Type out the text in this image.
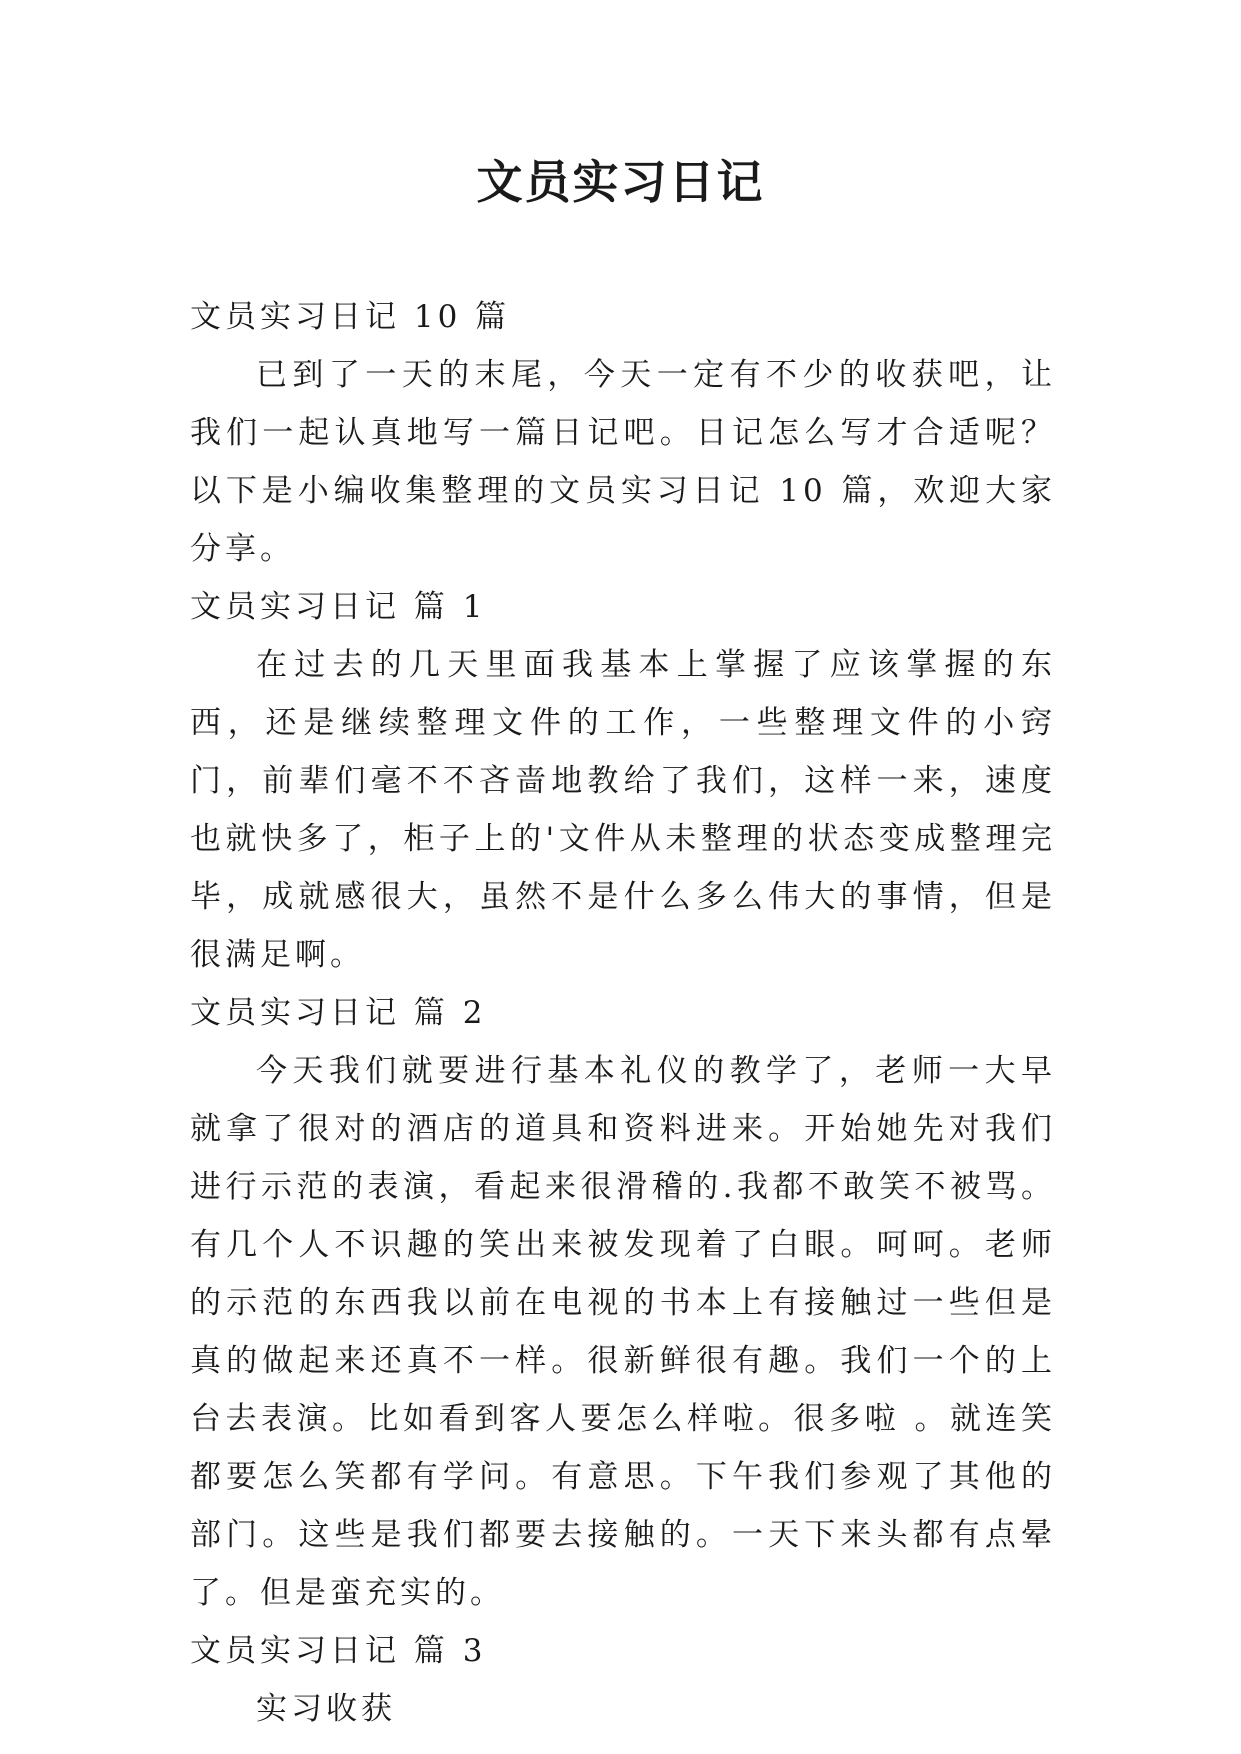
文员实习日记

文员实习日记 10 篇

已到了一天的末尾，今天一定有不少的收获吧，让我们一起认真地写一篇日记吧。日记怎么写才合适呢？以下是小编收集整理的文员实习日记 10 篇，欢迎大家分享。

文员实习日记 篇 1

在过去的几天里面我基本上掌握了应该掌握的东西，还是继续整理文件的工作，一些整理文件的小窍门，前辈们毫不不吝啬地教给了我们，这样一来，速度也就快多了，柜子上的'文件从未整理的状态变成整理完毕，成就感很大，虽然不是什么多么伟大的事情，但是很满足啊。

文员实习日记 篇 2

今天我们就要进行基本礼仪的教学了，老师一大早就拿了很对的酒店的道具和资料进来。开始她先对我们进行示范的表演，看起来很滑稽的.我都不敢笑不被骂。有几个人不识趣的笑出来被发现着了白眼。呵呵。老师的示范的东西我以前在电视的书本上有接触过一些但是真的做起来还真不一样。很新鲜很有趣。我们一个的上台去表演。比如看到客人要怎么样啦。很多啦 。就连笑都要怎么笑都有学问。有意思。下午我们参观了其他的部门。这些是我们都要去接触的。一天下来头都有点晕了。但是蛮充实的。

文员实习日记 篇 3

实习收获
